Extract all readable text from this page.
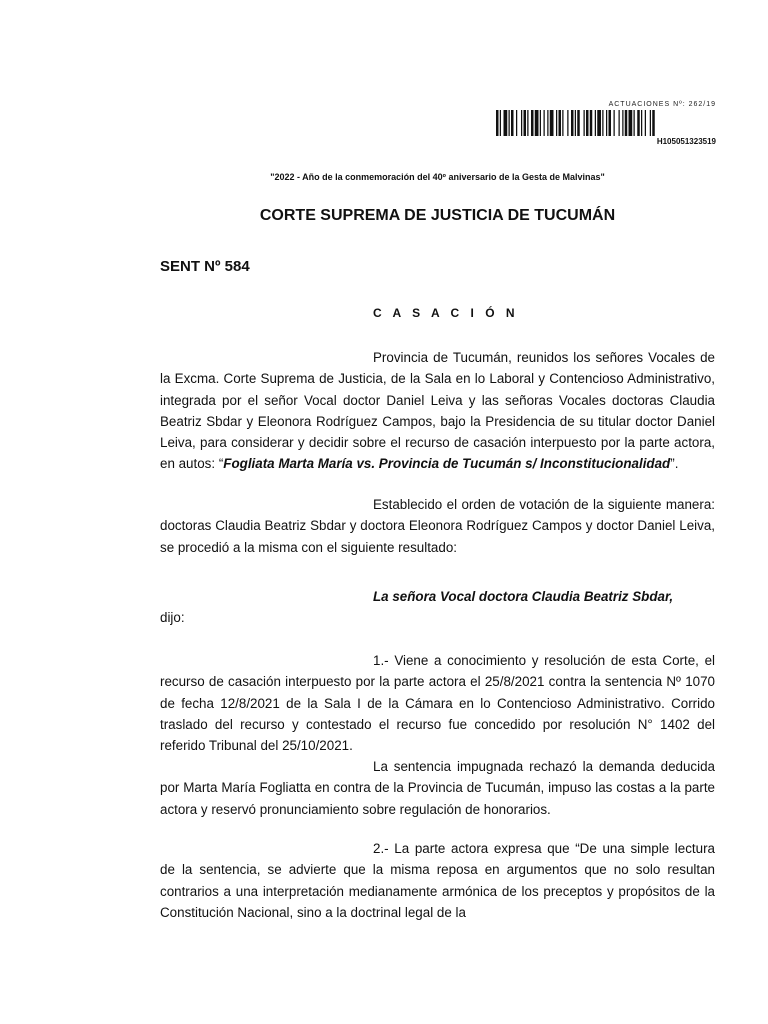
ACTUACIONES Nº: 262/19
H105051323519
"2022 - Año de la conmemoración del 40º aniversario de la Gesta de Malvinas"
CORTE SUPREMA DE JUSTICIA DE TUCUMÁN
SENT Nº 584
C A S A C I Ó N

Provincia de Tucumán, reunidos los señores Vocales de la Excma. Corte Suprema de Justicia, de la Sala en lo Laboral y Contencioso Administrativo, integrada por el señor Vocal doctor Daniel Leiva y las señoras Vocales doctoras Claudia Beatriz Sbdar y Eleonora Rodríguez Campos, bajo la Presidencia de su titular doctor Daniel Leiva, para considerar y decidir sobre el recurso de casación interpuesto por la parte actora, en autos: “Fogliata Marta María vs. Provincia de Tucumán s/ Inconstitucionalidad”.

Establecido el orden de votación de la siguiente manera: doctoras Claudia Beatriz Sbdar y doctora Eleonora Rodríguez Campos y doctor Daniel Leiva, se procedió a la misma con el siguiente resultado:

La señora Vocal doctora Claudia Beatriz Sbdar,

dijo:

1.- Viene a conocimiento y resolución de esta Corte, el recurso de casación interpuesto por la parte actora el 25/8/2021 contra la sentencia Nº 1070 de fecha 12/8/2021 de la Sala I de la Cámara en lo Contencioso Administrativo. Corrido traslado del recurso y contestado el recurso fue concedido por resolución N° 1402 del referido Tribunal del 25/10/2021.

La sentencia impugnada rechazó la demanda deducida por Marta María Fogliatta en contra de la Provincia de Tucumán, impuso las costas a la parte actora y reservó pronunciamiento sobre regulación de honorarios.

2.- La parte actora expresa que “De una simple lectura de la sentencia, se advierte que la misma reposa en argumentos que no solo resultan contrarios a una interpretación medianamente armónica de los preceptos y propósitos de la Constitución Nacional, sino a la doctrinal legal de la
